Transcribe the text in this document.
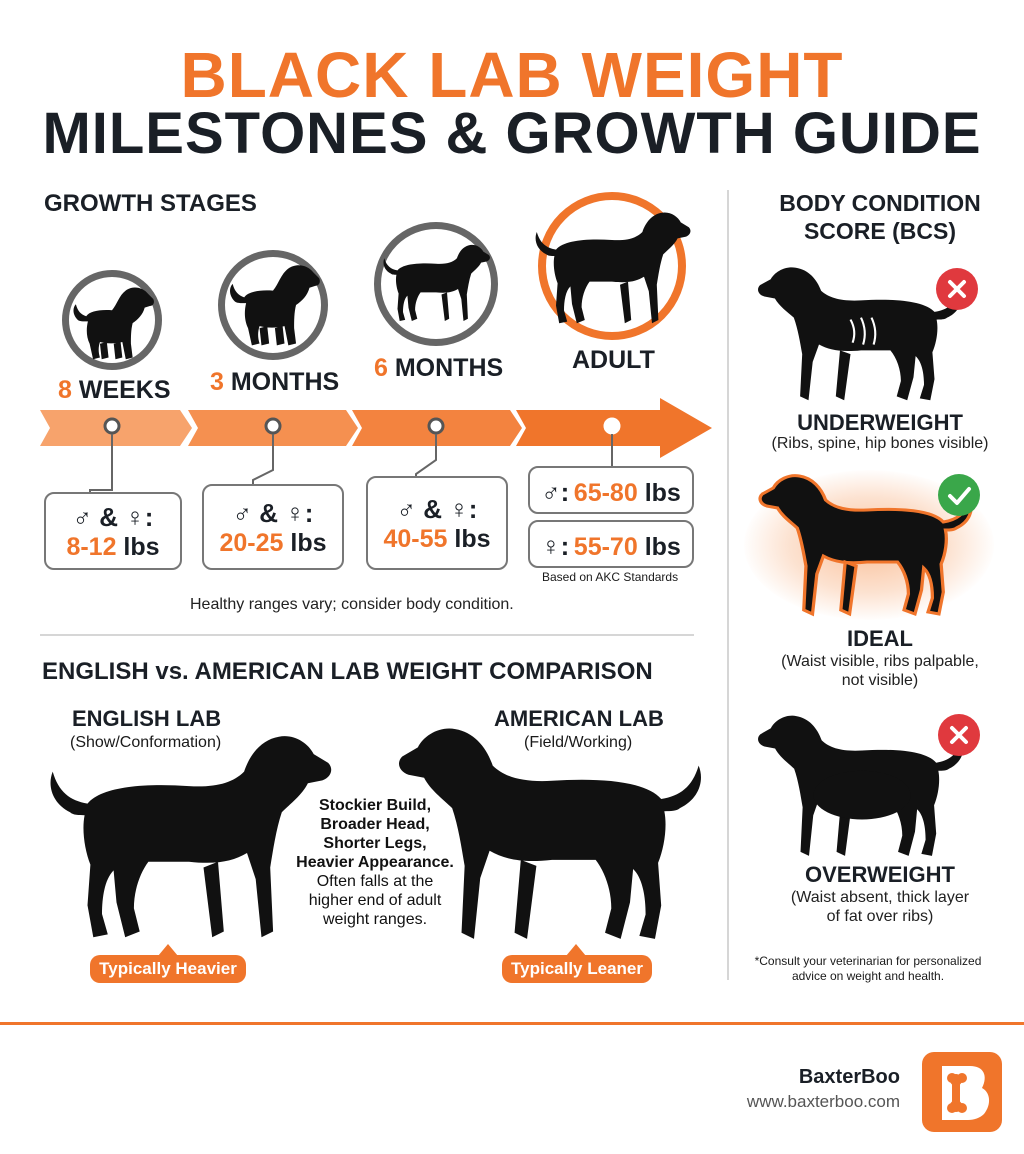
BLACK LAB WEIGHT
MILESTONES & GROWTH GUIDE
GROWTH STAGES
8 WEEKS 3 MONTHS 6 MONTHS	ADULT
♂ & ♀:
8-12 lbs
♂ & ♀:
20-25 lbs
♂ & ♀:
40-55 lbs
♂: 65-80 lbs
♀: 55-70 lbs
Based on AKC Standards
Healthy ranges vary; consider body condition.
ENGLISH vs. AMERICAN LAB WEIGHT COMPARISON
ENGLISH LAB
(Show/Conformation)
AMERICAN LAB
(Field/Working)
Stockier Build,
Broader Head,
Shorter Legs,
Heavier Appearance.
Often falls at the
higher end of adult
weight ranges.
Typically Heavier	Typically Leaner
BODY CONDITION
SCORE (BCS)
UNDERWEIGHT
(Ribs, spine, hip bones visible)
IDEAL
(Waist visible, ribs palpable,
not visible)
OVERWEIGHT
(Waist absent, thick layer
of fat over ribs)
*Consult your veterinarian for personalized
advice on weight and health.
BaxterBoo
www.baxterboo.com
